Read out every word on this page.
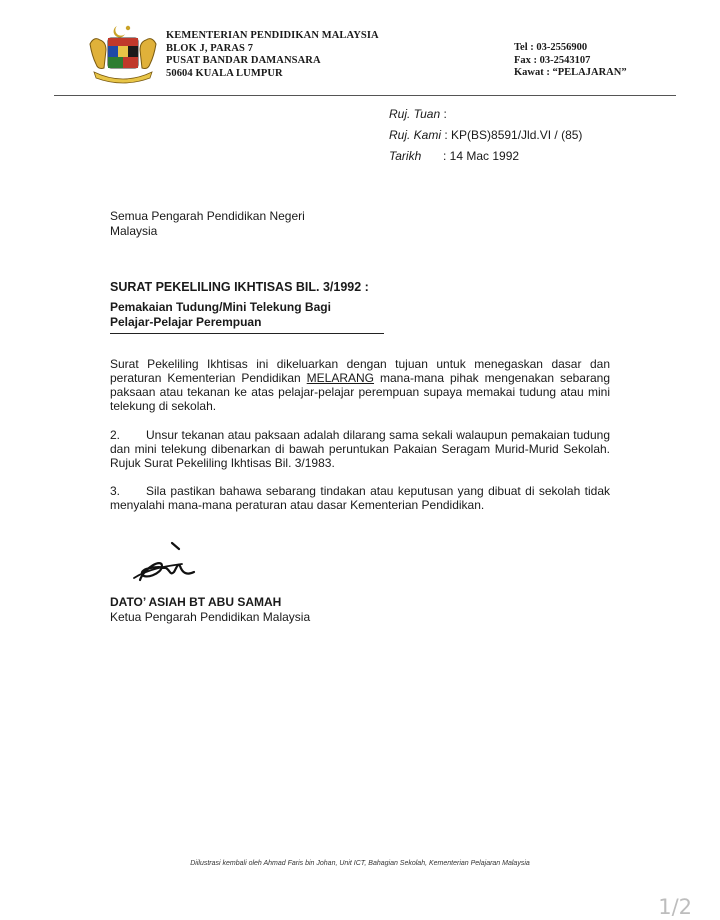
KEMENTERIAN PENDIDIKAN MALAYSIA
BLOK J, PARAS 7
PUSAT BANDAR DAMANSARA
50604 KUALA LUMPUR
Tel : 03-2556900
Fax : 03-2543107
Kawat : “PELAJARAN”
Ruj. Tuan :
Ruj. Kami : KP(BS)8591/Jld.VI / (85)
Tarikh : 14 Mac 1992
Semua Pengarah Pendidikan Negeri
Malaysia
SURAT PEKELILING IKHTISAS BIL. 3/1992 :
Pemakaian Tudung/Mini Telekung Bagi
Pelajar-Pelajar Perempuan

Surat Pekeliling Ikhtisas ini dikeluarkan dengan tujuan untuk menegaskan dasar dan peraturan Kementerian Pendidikan MELARANG mana-mana pihak mengenakan sebarang paksaan atau tekanan ke atas pelajar-pelajar perempuan supaya memakai tudung atau mini telekung di sekolah.

2. Unsur tekanan atau paksaan adalah dilarang sama sekali walaupun pemakaian tudung dan mini telekung dibenarkan di bawah peruntukan Pakaian Seragam Murid-Murid Sekolah. Rujuk Surat Pekeliling Ikhtisas Bil. 3/1983.

3. Sila pastikan bahawa sebarang tindakan atau keputusan yang dibuat di sekolah tidak menyalahi mana-mana peraturan atau dasar Kementerian Pendidikan.

DATO’ ASIAH BT ABU SAMAH
Ketua Pengarah Pendidikan Malaysia
Diilustrasi kembali oleh Ahmad Faris bin Johan, Unit ICT, Bahagian Sekolah, Kementerian Pelajaran Malaysia
1/2
